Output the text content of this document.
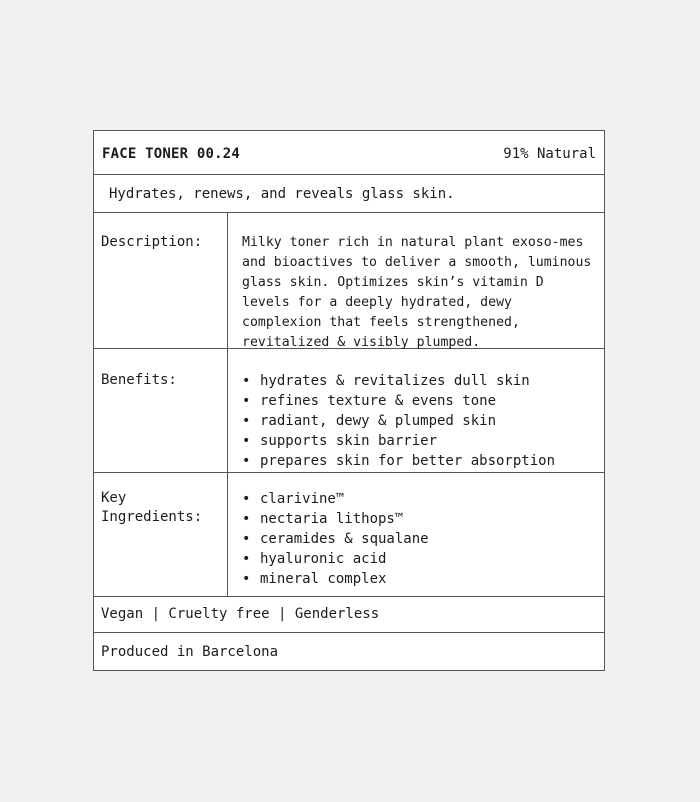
FACE TONER 00.24	91% Natural
Hydrates, renews, and reveals glass skin.
Description:	Milky toner rich in natural plant exoso-mes and bioactives to deliver a smooth, luminous glass skin. Optimizes skin’s vitamin D levels for a deeply hydrated, dewy complexion that feels strengthened, revitalized & visibly plumped.
Benefits:
•	hydrates & revitalizes dull skin
• refines texture & evens tone
• radiant, dewy & plumped skin
• supports skin barrier
• prepares skin for better absorption
Key
Ingredients:
• clarivine™
• nectaria lithops™
• ceramides & squalane
• hyaluronic acid
• mineral complex
Vegan | Cruelty free | Genderless
Produced in Barcelona
